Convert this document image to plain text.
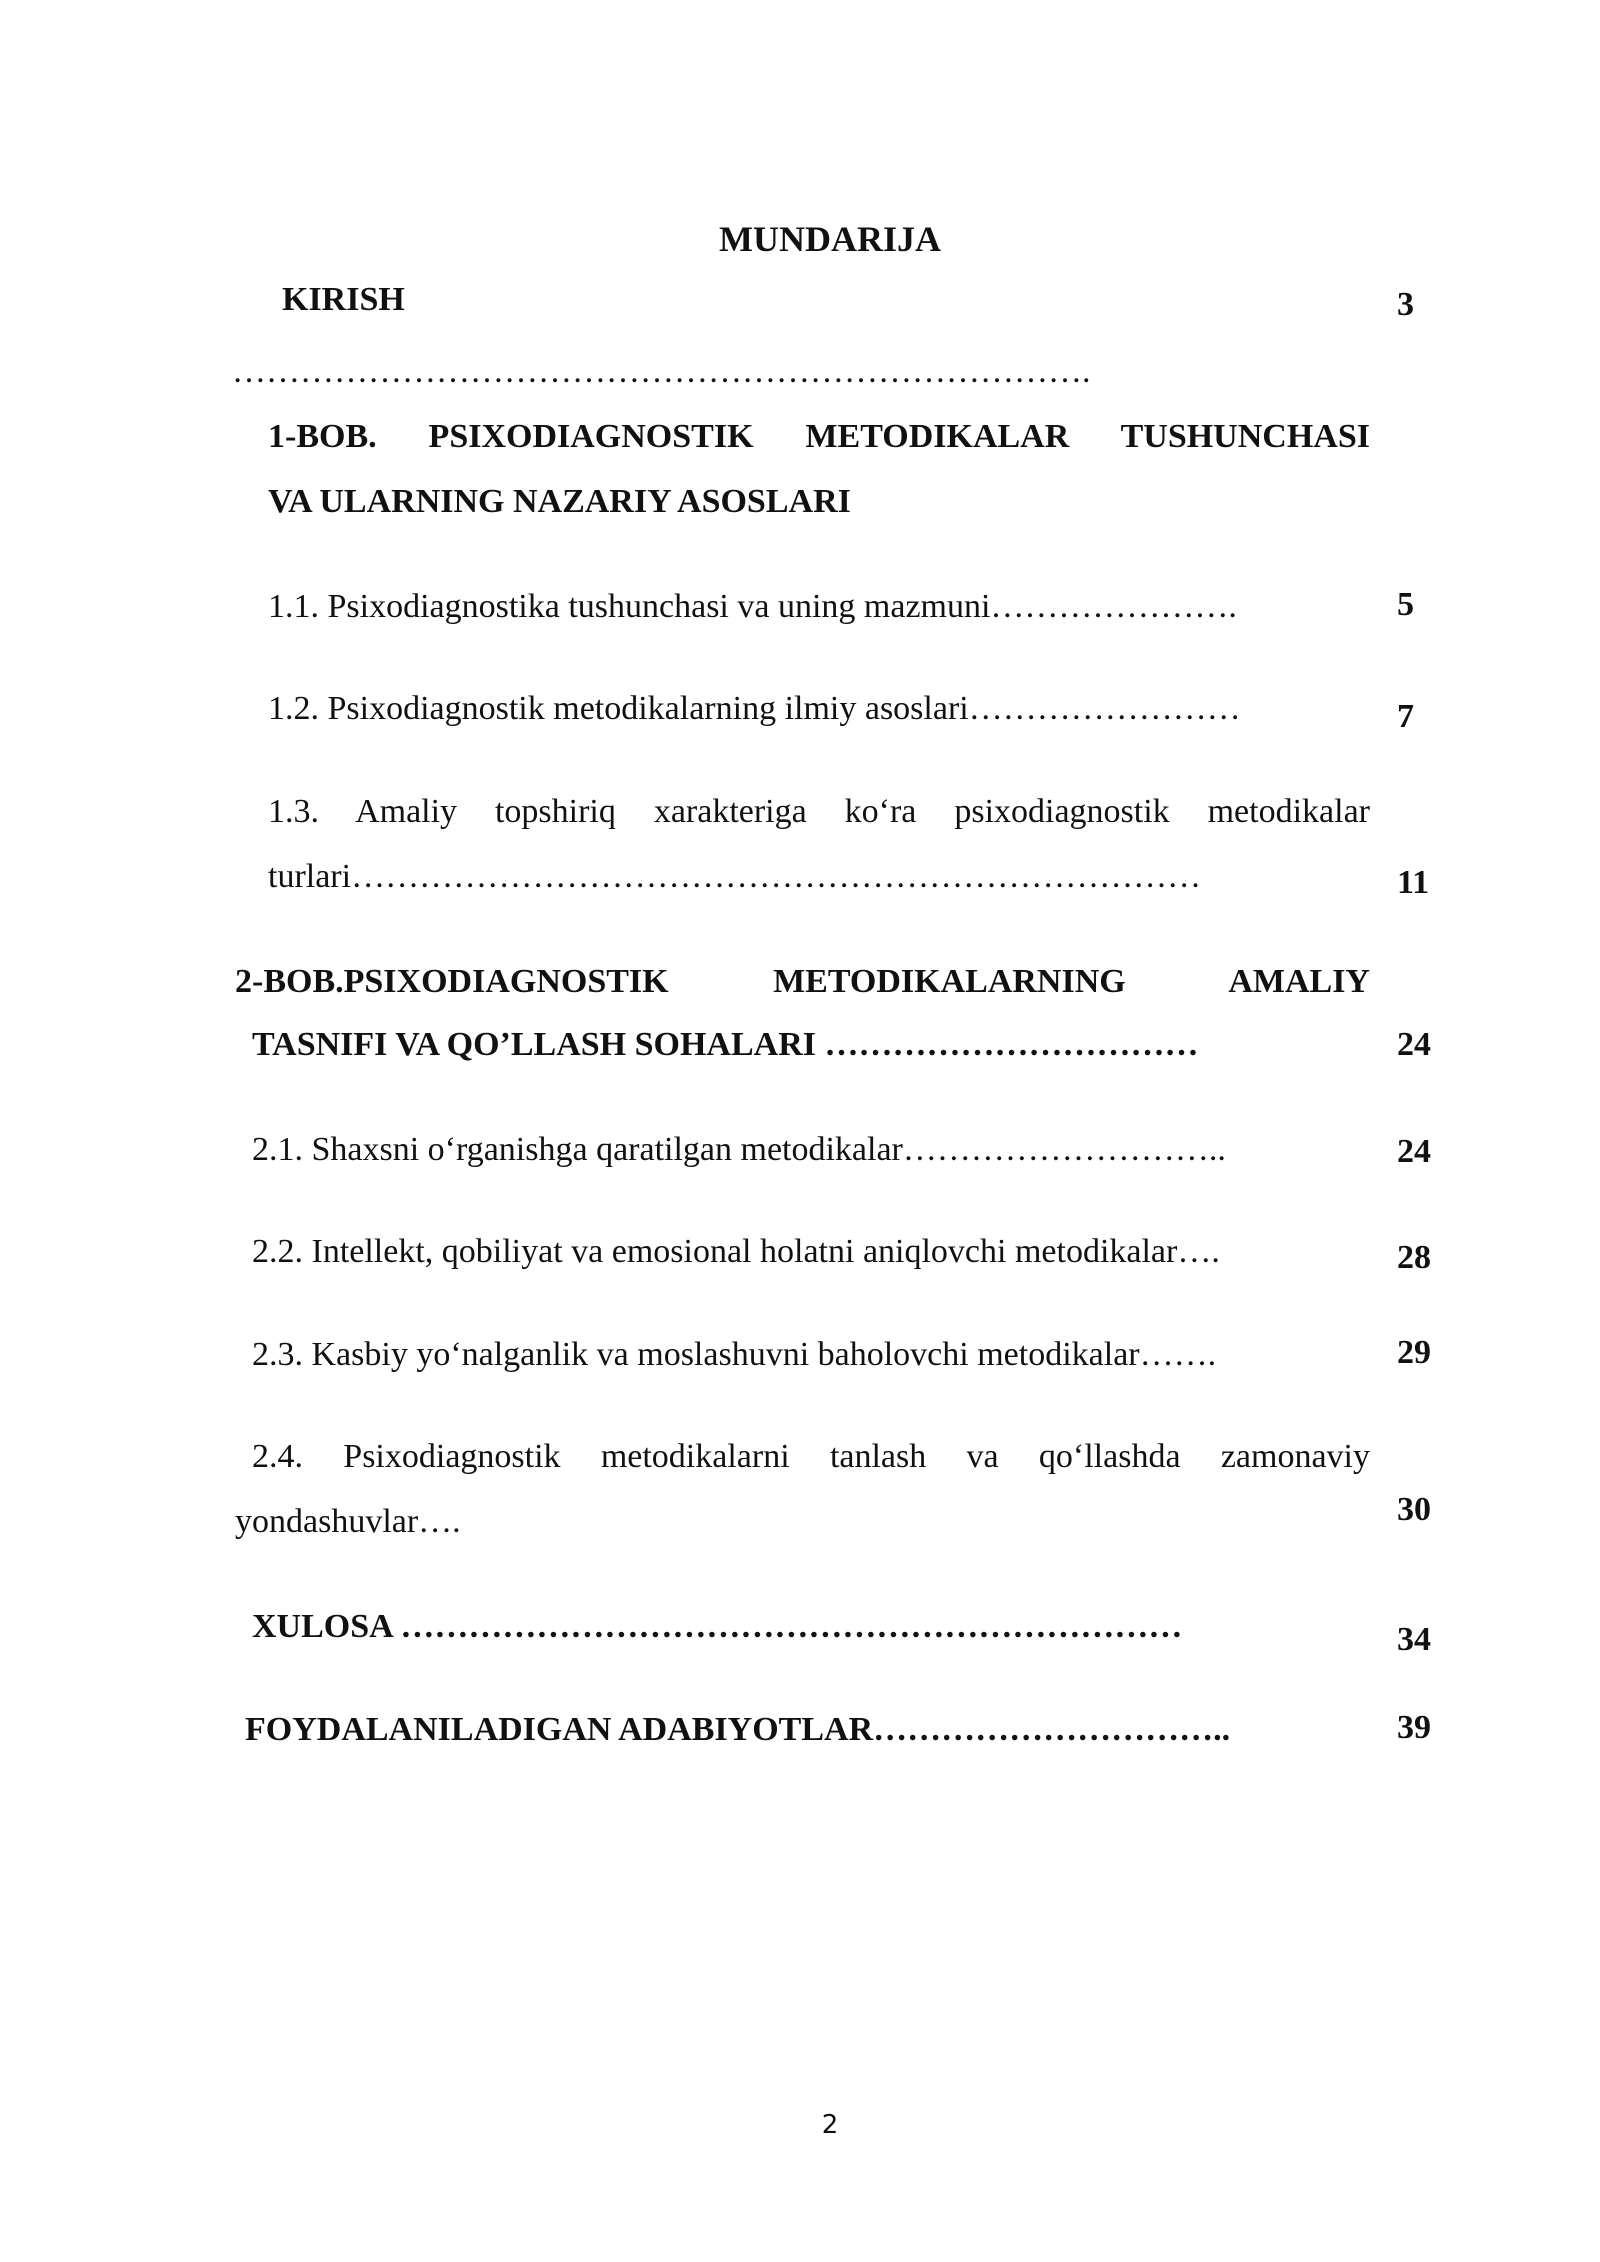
MUNDARIJA
KIRISH	3
………………………………………………………………….
1-BOB. PSIXODIAGNOSTIK METODIKALAR TUSHUNCHASI
VA ULARNING NAZARIY ASOSLARI
1.1. Psixodiagnostika tushunchasi va uning mazmuni………………….	5
1.2. Psixodiagnostik metodikalarning ilmiy asoslari……………………	7
1.3. Amaliy topshiriq xarakteriga ko‘ra psixodiagnostik metodikalar
turlari…………………………………………………………………	11
2-BOB.PSIXODIAGNOSTIK METODIKALARNING AMALIY
TASNIFI VA QO’LLASH SOHALARI ……………………………	24
2.1. Shaxsni o‘rganishga qaratilgan metodikalar………………………..	24
2.2. Intellekt, qobiliyat va emosional holatni aniqlovchi metodikalar….	28
2.3. Kasbiy yo‘nalganlik va moslashuvni baholovchi metodikalar…….	29
2.4. Psixodiagnostik metodikalarni tanlash va qo‘llashda zamonaviy
yondashuvlar….	30
XULOSA ……………………………………………………………	34
FOYDALANILADIGAN ADABIYOTLAR…………………………..	39
2
